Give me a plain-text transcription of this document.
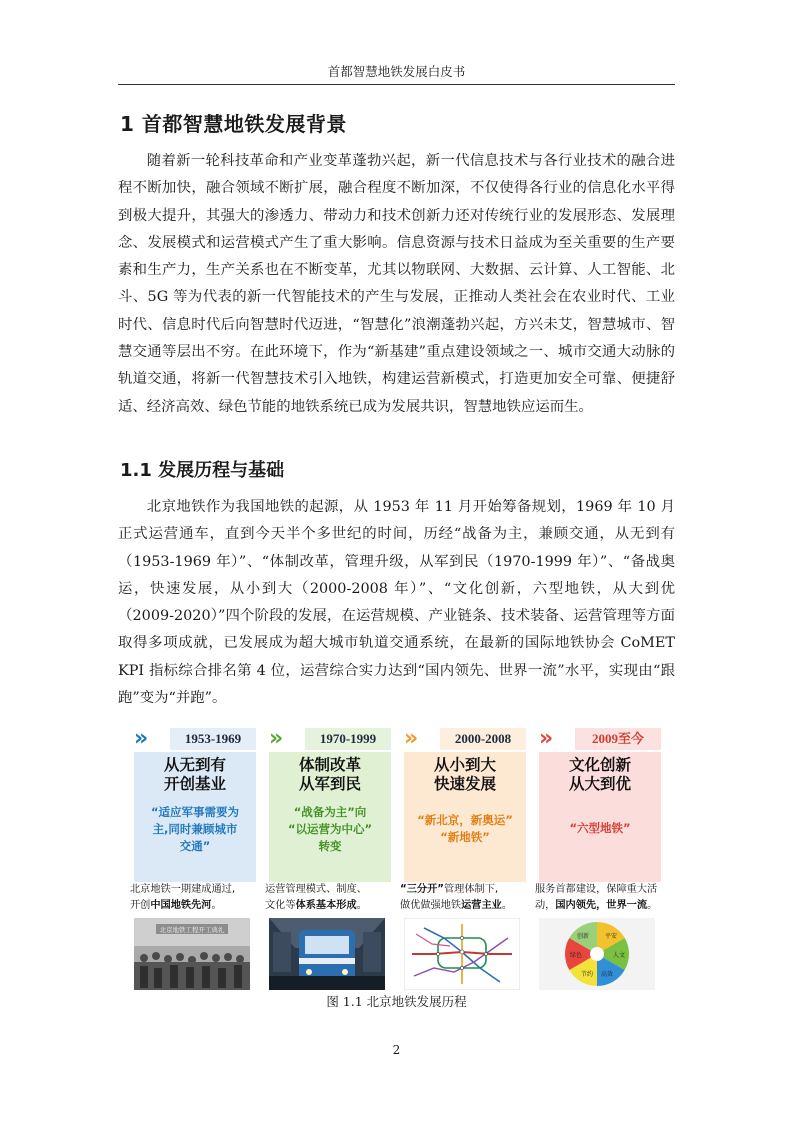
首都智慧地铁发展白皮书
1 首都智慧地铁发展背景
随着新一轮科技革命和产业变革蓬勃兴起，新一代信息技术与各行业技术的融合进程不断加快，融合领域不断扩展，融合程度不断加深，不仅使得各行业的信息化水平得到极大提升，其强大的渗透力、带动力和技术创新力还对传统行业的发展形态、发展理念、发展模式和运营模式产生了重大影响。信息资源与技术日益成为至关重要的生产要素和生产力，生产关系也在不断变革，尤其以物联网、大数据、云计算、人工智能、北斗、5G 等为代表的新一代智能技术的产生与发展，正推动人类社会在农业时代、工业时代、信息时代后向智慧时代迈进，“智慧化”浪潮蓬勃兴起，方兴未艾，智慧城市、智慧交通等层出不穷。在此环境下，作为“新基建”重点建设领域之一、城市交通大动脉的轨道交通，将新一代智慧技术引入地铁，构建运营新模式，打造更加安全可靠、便捷舒适、经济高效、绿色节能的地铁系统已成为发展共识，智慧地铁应运而生。
1.1 发展历程与基础
北京地铁作为我国地铁的起源，从 1953 年 11 月开始筹备规划，1969 年 10 月正式运营通车，直到今天半个多世纪的时间，历经“战备为主，兼顾交通，从无到有（1953-1969 年）”、“体制改革，管理升级，从军到民（1970-1999 年）”、“备战奥运，快速发展，从小到大（2000-2008 年）”、“文化创新，六型地铁，从大到优（2009-2020）”四个阶段的发展，在运营规模、产业链条、技术装备、运营管理等方面取得多项成就，已发展成为超大城市轨道交通系统，在最新的国际地铁协会 CoMET KPI 指标综合排名第 4 位，运营综合实力达到“国内领先、世界一流”水平，实现由“跟跑”变为“并跑”。
»	1953-1969
从无到有
开创基业
“适应军事需要为
主,同时兼顾城市
交通”
北京地铁一期建成通过,
开创中国地铁先河。
北京地铁工程开工典礼
»	1970-1999
体制改革
从军到民
“战备为主”向
“以运营为中心”
转变
运营管理模式、制度、
文化等体系基本形成。
»	2000-2008
从小到大
快速发展
“新北京，新奥运”
“新地铁”
“三分开”管理体制下,
做优做强地铁运营主业。
»	2009至今
文化创新
从大到优
“六型地铁”
服务首都建设，保障重大活
动，国内领先，世界一流。
创新	平安
人文
高效
节约
绿色
图 1.1 北京地铁发展历程
2
